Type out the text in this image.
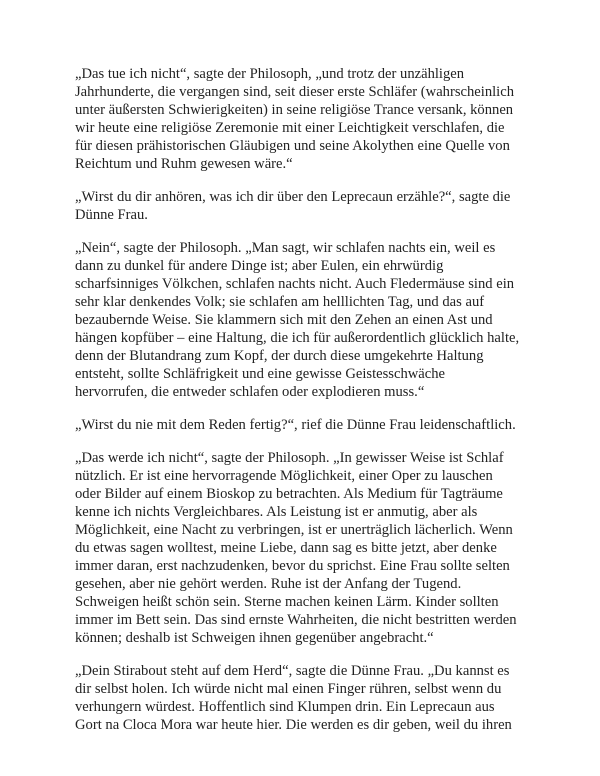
„Das tue ich nicht“, sagte der Philosoph, „und trotz der unzähligen
Jahrhunderte, die vergangen sind, seit dieser erste Schläfer (wahrscheinlich
unter äußersten Schwierigkeiten) in seine religiöse Trance versank, können
wir heute eine religiöse Zeremonie mit einer Leichtigkeit verschlafen, die
für diesen prähistorischen Gläubigen und seine Akolythen eine Quelle von
Reichtum und Ruhm gewesen wäre.“

„Wirst du dir anhören, was ich dir über den Leprecaun erzähle?“, sagte die
Dünne Frau.

„Nein“, sagte der Philosoph. „Man sagt, wir schlafen nachts ein, weil es
dann zu dunkel für andere Dinge ist; aber Eulen, ein ehrwürdig
scharfsinniges Völkchen, schlafen nachts nicht. Auch Fledermäuse sind ein
sehr klar denkendes Volk; sie schlafen am helllichten Tag, und das auf
bezaubernde Weise. Sie klammern sich mit den Zehen an einen Ast und
hängen kopfüber – eine Haltung, die ich für außerordentlich glücklich halte,
denn der Blutandrang zum Kopf, der durch diese umgekehrte Haltung
entsteht, sollte Schläfrigkeit und eine gewisse Geistesschwäche
hervorrufen, die entweder schlafen oder explodieren muss.“

„Wirst du nie mit dem Reden fertig?“, rief die Dünne Frau leidenschaftlich.

„Das werde ich nicht“, sagte der Philosoph. „In gewisser Weise ist Schlaf
nützlich. Er ist eine hervorragende Möglichkeit, einer Oper zu lauschen
oder Bilder auf einem Bioskop zu betrachten. Als Medium für Tagträume
kenne ich nichts Vergleichbares. Als Leistung ist er anmutig, aber als
Möglichkeit, eine Nacht zu verbringen, ist er unerträglich lächerlich. Wenn
du etwas sagen wolltest, meine Liebe, dann sag es bitte jetzt, aber denke
immer daran, erst nachzudenken, bevor du sprichst. Eine Frau sollte selten
gesehen, aber nie gehört werden. Ruhe ist der Anfang der Tugend.
Schweigen heißt schön sein. Sterne machen keinen Lärm. Kinder sollten
immer im Bett sein. Das sind ernste Wahrheiten, die nicht bestritten werden
können; deshalb ist Schweigen ihnen gegenüber angebracht.“

„Dein Stirabout steht auf dem Herd“, sagte die Dünne Frau. „Du kannst es
dir selbst holen. Ich würde nicht mal einen Finger rühren, selbst wenn du
verhungern würdest. Hoffentlich sind Klumpen drin. Ein Leprecaun aus
Gort na Cloca Mora war heute hier. Die werden es dir geben, weil du ihren
